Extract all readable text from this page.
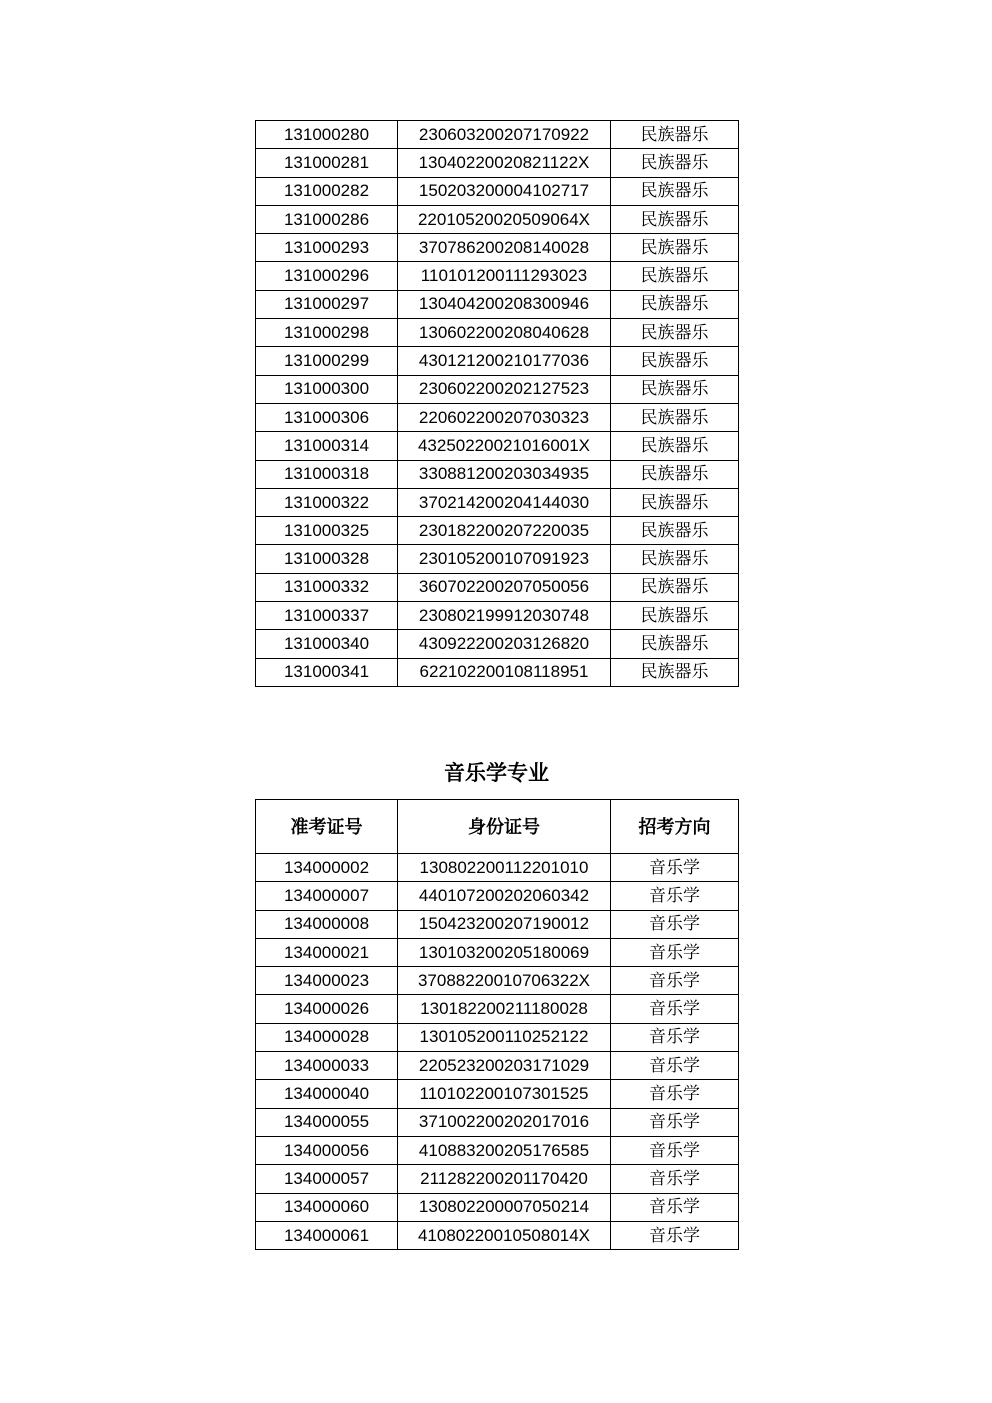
131000280	230603200207170922	民族器乐
131000281	13040220020821122X	民族器乐
131000282	150203200004102717	民族器乐
131000286	22010520020509064X	民族器乐
131000293	370786200208140028	民族器乐
131000296	110101200111293023	民族器乐
131000297	130404200208300946	民族器乐
131000298	130602200208040628	民族器乐
131000299	430121200210177036	民族器乐
131000300	230602200202127523	民族器乐
131000306	220602200207030323	民族器乐
131000314	43250220021016001X	民族器乐
131000318	330881200203034935	民族器乐
131000322	370214200204144030	民族器乐
131000325	230182200207220035	民族器乐
131000328	230105200107091923	民族器乐
131000332	360702200207050056	民族器乐
131000337	230802199912030748	民族器乐
131000340	430922200203126820	民族器乐
131000341	622102200108118951	民族器乐
音乐学专业
准考证号	身份证号	招考方向
134000002	130802200112201010	音乐学
134000007	440107200202060342	音乐学
134000008	150423200207190012	音乐学
134000021	130103200205180069	音乐学
134000023	37088220010706322X	音乐学
134000026	130182200211180028	音乐学
134000028	130105200110252122	音乐学
134000033	220523200203171029	音乐学
134000040	110102200107301525	音乐学
134000055	371002200202017016	音乐学
134000056	410883200205176585	音乐学
134000057	211282200201170420	音乐学
134000060	130802200007050214	音乐学
134000061	41080220010508014X	音乐学
